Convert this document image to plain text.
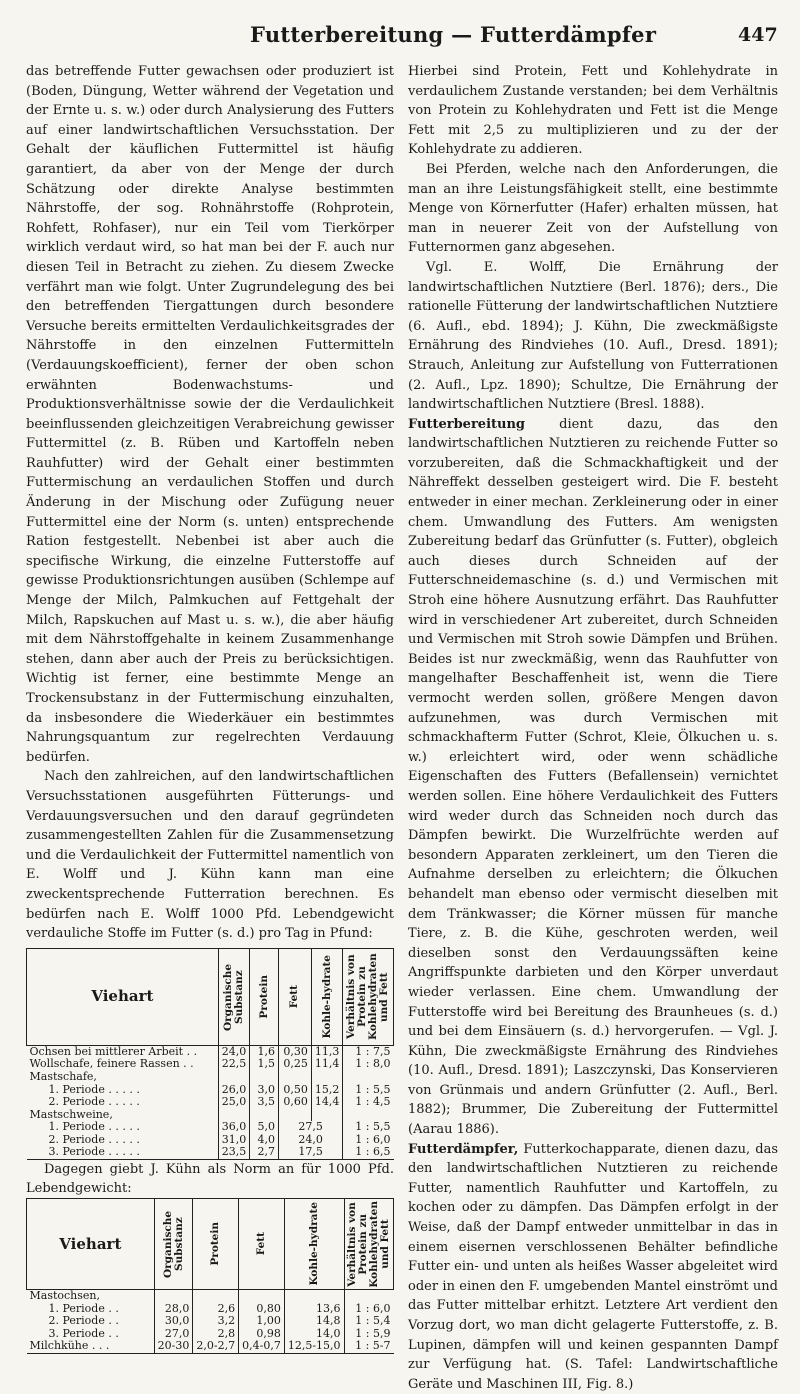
Futterbereitung — Futterdämpfer	447

das betreffende Futter gewachsen oder produziert ist (Boden, Düngung, Wetter während der Vegetation und der Ernte u. s. w.) oder durch Analysierung des Futters auf einer landwirtschaftlichen Versuchsstation. Der Gehalt der käuflichen Futtermittel ist häufig garantiert, da aber von der Menge der durch Schätzung oder direkte Analyse bestimmten Nährstoffe, der sog. Rohnährstoffe (Rohprotein, Rohfett, Rohfaser), nur ein Teil vom Tierkörper wirklich verdaut wird, so hat man bei der F. auch nur diesen Teil in Betracht zu ziehen. Zu diesem Zwecke verfährt man wie folgt. Unter Zugrundelegung des bei den betreffenden Tiergattungen durch besondere Versuche bereits ermittelten Verdaulichkeitsgrades der Nährstoffe in den einzelnen Futtermitteln (Verdauungskoefficient), ferner der oben schon erwähnten Bodenwachstums- und Produktionsverhältnisse sowie der die Verdaulichkeit beeinflussenden gleichzeitigen Verabreichung gewisser Futtermittel (z. B. Rüben und Kartoffeln neben Rauhfutter) wird der Gehalt einer bestimmten Futtermischung an verdaulichen Stoffen und durch Änderung in der Mischung oder Zufügung neuer Futtermittel eine der Norm (s. unten) entsprechende Ration festgestellt. Nebenbei ist aber auch die specifische Wirkung, die einzelne Futterstoffe auf gewisse Produktionsrichtungen ausüben (Schlempe auf Menge der Milch, Palmkuchen auf Fettgehalt der Milch, Rapskuchen auf Mast u. s. w.), die aber häufig mit dem Nährstoffgehalte in keinem Zusammenhange stehen, dann aber auch der Preis zu berücksichtigen. Wichtig ist ferner, eine bestimmte Menge an Trockensubstanz in der Futtermischung einzuhalten, da insbesondere die Wiederkäuer ein bestimmtes Nahrungsquantum zur regelrechten Verdauung bedürfen.

Nach den zahlreichen, auf den landwirtschaftlichen Versuchsstationen ausgeführten Fütterungs- und Verdauungsversuchen und den darauf gegründeten zusammengestellten Zahlen für die Zusammensetzung und die Verdaulichkeit der Futtermittel namentlich von E. Wolff und J. Kühn kann man eine zweckentsprechende Futterration berechnen. Es bedürfen nach E. Wolff 1000 Pfd. Lebendgewicht verdauliche Stoffe im Futter (s. d.) pro Tag in Pfund:

Viehart	Organische Substanz	Protein	Fett	Kohle-hydrate	Verhältnis von Protein zu Kohlehydraten und Fett

Ochsen bei mittlerer Arbeit . .	24,0	1,6	0,30	11,3	1 : 7,5
Wollschafe, feinere Rassen . .	22,5	1,5	0,25	11,4	1 : 8,0
Mastschafe,					
1. Periode . . . . .	26,0	3,0	0,50	15,2	1 : 5,5
2. Periode . . . . .	25,0	3,5	0,60	14,4	1 : 4,5
Mastschweine,					
1. Periode . . . . .	36,0	5,0	27,5		1 : 5,5
2. Periode . . . . .	31,0	4,0	24,0		1 : 6,0
3. Periode . . . . .	23,5	2,7	17,5		1 : 6,5

Dagegen giebt J. Kühn als Norm an für 1000 Pfd. Lebendgewicht:

Viehart	Organische Substanz	Protein	Fett	Kohle-hydrate	Verhältnis von Protein zu Kohlehydraten und Fett

Mastochsen,					
1. Periode . .	28,0	2,6	0,80	13,6	1 : 6,0
2. Periode . .	30,0	3,2	1,00	14,8	1 : 5,4
3. Periode . .	27,0	2,8	0,98	14,0	1 : 5,9
Milchkühe . . .	20-30	2,0-2,7	0,4-0,7	12,5-15,0	1 : 5-7

Hierbei sind Protein, Fett und Kohlehydrate in verdaulichem Zustande verstanden; bei dem Verhältnis von Protein zu Kohlehydraten und Fett ist die Menge Fett mit 2,5 zu multiplizieren und zu der der Kohlehydrate zu addieren.

Bei Pferden, welche nach den Anforderungen, die man an ihre Leistungsfähigkeit stellt, eine bestimmte Menge von Körnerfutter (Hafer) erhalten müssen, hat man in neuerer Zeit von der Aufstellung von Futternormen ganz abgesehen.

Vgl. E. Wolff, Die Ernährung der landwirtschaftlichen Nutztiere (Berl. 1876); ders., Die rationelle Fütterung der landwirtschaftlichen Nutztiere (6. Aufl., ebd. 1894); J. Kühn, Die zweckmäßigste Ernährung des Rindviehes (10. Aufl., Dresd. 1891); Strauch, Anleitung zur Aufstellung von Futterrationen (2. Aufl., Lpz. 1890); Schultze, Die Ernährung der landwirtschaftlichen Nutztiere (Bresl. 1888).

Futterbereitung dient dazu, das den landwirtschaftlichen Nutztieren zu reichende Futter so vorzubereiten, daß die Schmackhaftigkeit und der Nähreffekt desselben gesteigert wird. Die F. besteht entweder in einer mechan. Zerkleinerung oder in einer chem. Umwandlung des Futters. Am wenigsten Zubereitung bedarf das Grünfutter (s. Futter), obgleich auch dieses durch Schneiden auf der Futterschneidemaschine (s. d.) und Vermischen mit Stroh eine höhere Ausnutzung erfährt. Das Rauhfutter wird in verschiedener Art zubereitet, durch Schneiden und Vermischen mit Stroh sowie Dämpfen und Brühen. Beides ist nur zweckmäßig, wenn das Rauhfutter von mangelhafter Beschaffenheit ist, wenn die Tiere vermocht werden sollen, größere Mengen davon aufzunehmen, was durch Vermischen mit schmackhafterm Futter (Schrot, Kleie, Ölkuchen u. s. w.) erleichtert wird, oder wenn schädliche Eigenschaften des Futters (Befallensein) vernichtet werden sollen. Eine höhere Verdaulichkeit des Futters wird weder durch das Schneiden noch durch das Dämpfen bewirkt. Die Wurzelfrüchte werden auf besondern Apparaten zerkleinert, um den Tieren die Aufnahme derselben zu erleichtern; die Ölkuchen behandelt man ebenso oder vermischt dieselben mit dem Tränkwasser; die Körner müssen für manche Tiere, z. B. die Kühe, geschroten werden, weil dieselben sonst den Verdauungssäften keine Angriffspunkte darbieten und den Körper unverdaut wieder verlassen. Eine chem. Umwandlung der Futterstoffe wird bei Bereitung des Braunheues (s. d.) und bei dem Einsäuern (s. d.) hervorgerufen. — Vgl. J. Kühn, Die zweckmäßigste Ernährung des Rindviehes (10. Aufl., Dresd. 1891); Laszczynski, Das Konservieren von Grünmais und andern Grünfutter (2. Aufl., Berl. 1882); Brummer, Die Zubereitung der Futtermittel (Aarau 1886).

Futterdämpfer, Futterkochapparate, dienen dazu, das den landwirtschaftlichen Nutztieren zu reichende Futter, namentlich Rauhfutter und Kartoffeln, zu kochen oder zu dämpfen. Das Dämpfen erfolgt in der Weise, daß der Dampf entweder unmittelbar in das in einem eisernen verschlossenen Behälter befindliche Futter ein- und unten als heißes Wasser abgeleitet wird oder in einen den F. umgebenden Mantel einströmt und das Futter mittelbar erhitzt. Letztere Art verdient den Vorzug dort, wo man dicht gelagerte Futterstoffe, z. B. Lupinen, dämpfen will und keinen gespannten Dampf zur Verfügung hat. (S. Tafel: Landwirtschaftliche Geräte und Maschinen III, Fig. 8.)
